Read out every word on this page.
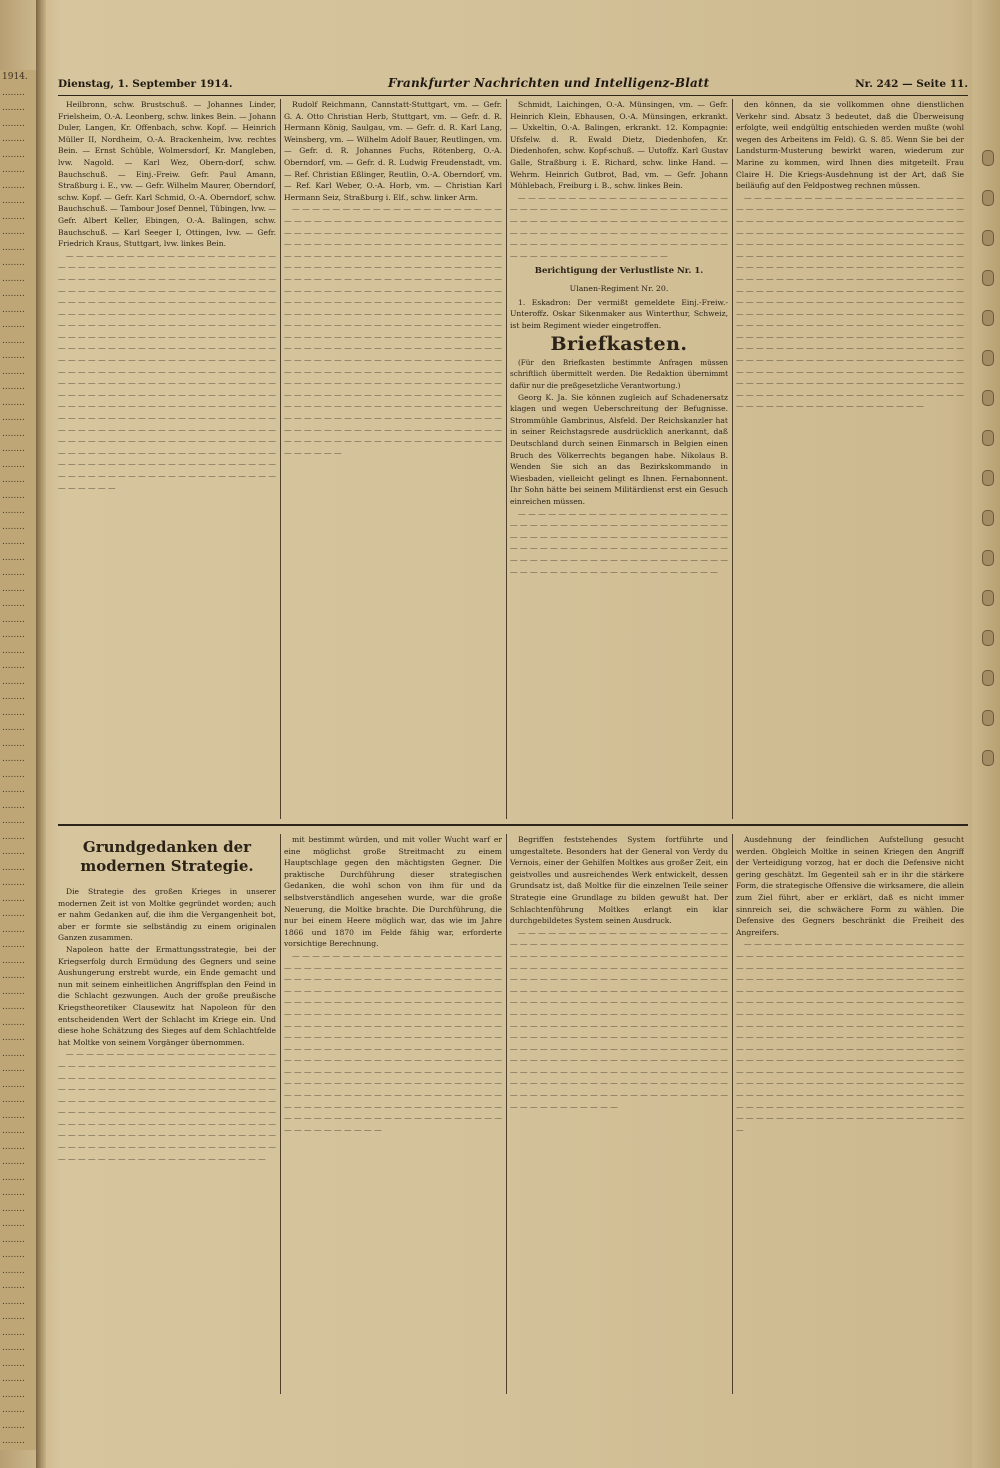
1914.
........
........
........
........
........
........
........
........
........
........
........
........
........
........
........
........
........
........
........
........
........
........
........
........
........
........
........
........
........
........
........
........
........
........
........
........
........
........
........
........
........
........
........
........
........
........
........
........
........
........
........
........
........
........
........
........
........
........
........
........
........
........
........
........
........
........
........
........
........
........
........
........
........
........
........
........
........
........
........
........
........
........
........
........
........
........
........
........
Dienstag, 1. September 1914.	Frankfurter Nachrichten und Intelligenz-Blatt	Nr. 242 — Seite 11.

Heilbronn, schw. Brustschuß. — Johannes Linder, Frielsheim, O.-A. Leonberg, schw. linkes Bein. — Johann Duler, Langen, Kr. Offenbach, schw. Kopf. — Heinrich Müller II, Nordheim, O.-A. Brackenheim, lvw. rechtes Bein. — Ernst Schüble, Wolmersdorf, Kr. Mangleben, lvw. Nagold. — Karl Wez, Obern-dorf, schw. Bauchschuß. — Einj.-Freiw. Gefr. Paul Amann, Straßburg i. E., vw. — Gefr. Wilhelm Maurer, Oberndorf, schw. Kopf. — Gefr. Karl Schmid, O.-A. Oberndorf, schw. Bauchschuß. — Tambour Josef Dennel, Tübingen, lvw. — Gefr. Albert Keller, Ebingen, O.-A. Balingen, schw. Bauchschuß. — Karl Seeger I, Ottingen, lvw. — Gefr. Friedrich Kraus, Stuttgart, lvw. linkes Bein.

— — — — — — — — — — — — — — — — — — — — — — — — — — — — — — — — — — — — — — — — — — — — — — — — — — — — — — — — — — — — — — — — — — — — — — — — — — — — — — — — — — — — — — — — — — — — — — — — — — — — — — — — — — — — — — — — — — — — — — — — — — — — — — — — — — — — — — — — — — — — — — — — — — — — — — — — — — — — — — — — — — — — — — — — — — — — — — — — — — — — — — — — — — — — — — — — — — — — — — — — — — — — — — — — — — — — — — — — — — — — — — — — — — — — — — — — — — — — — — — — — — — — — — — — — — — — — — — — — — — — — — — — — — — — — — — — — — — — — — — — — — — — — — — — — — — — — — — — — — — — — — — — — — — — — — — — — — — — — — — — — — — — — — — — — — — — — — — — — — — — — — — — — — — — — — — — — — — — — — — — — — — — — — — — — — — — — — — — — — — — — — — — — — — — — — — — — — — — — — — — — — — — — — — — — — — — — — — — — — — — — — — — — — — — — — — — — — — — — — — — — — — — —

Rudolf Reichmann, Cannstatt-Stuttgart, vm. — Gefr. G. A. Otto Christian Herb, Stuttgart, vm. — Gefr. d. R. Hermann König, Saulgau, vm. — Gefr. d. R. Karl Lang, Weinsberg, vm. — Wilhelm Adolf Bauer, Reutlingen, vm. — Gefr. d. R. Johannes Fuchs, Rötenberg, O.-A. Oberndorf, vm. — Gefr. d. R. Ludwig Freudenstadt, vm. — Ref. Christian Eßlinger, Reutlin, O.-A. Oberndorf, vm. — Ref. Karl Weber, O.-A. Horb, vm. — Christian Karl Hermann Seiz, Straßburg i. Elf., schw. linker Arm.

— — — — — — — — — — — — — — — — — — — — — — — — — — — — — — — — — — — — — — — — — — — — — — — — — — — — — — — — — — — — — — — — — — — — — — — — — — — — — — — — — — — — — — — — — — — — — — — — — — — — — — — — — — — — — — — — — — — — — — — — — — — — — — — — — — — — — — — — — — — — — — — — — — — — — — — — — — — — — — — — — — — — — — — — — — — — — — — — — — — — — — — — — — — — — — — — — — — — — — — — — — — — — — — — — — — — — — — — — — — — — — — — — — — — — — — — — — — — — — — — — — — — — — — — — — — — — — — — — — — — — — — — — — — — — — — — — — — — — — — — — — — — — — — — — — — — — — — — — — — — — — — — — — — — — — — — — — — — — — — — — — — — — — — — — — — — — — — — — — — — — — — — — — — — — — — — — — — — — — — — — — — — — — — — — — — — — — — — — — — — — — — — — — — — — — — — — — — — — — — — — — — — — — — — — — — — — — — — — — — — — — — — — — — — — — — — — — — — — — — — — — — — — — — — — — — — — — — — — — — — — — — — — — —

Schmidt, Laichingen, O.-A. Münsingen, vm. — Gefr. Heinrich Klein, Ebhausen, O.-A. Münsingen, erkrankt. — Uxkeltin, O.-A. Balingen, erkrankt. 12. Kompagnie: Ufsfelw. d. R. Ewald Dietz, Diedenhofen, Kr. Diedenhofen, schw. Kopf-schuß. — Uutoffz. Karl Gustav Galle, Straßburg i. E. Richard, schw. linke Hand. — Wehrm. Heinrich Gutbrot, Bad, vm. — Gefr. Johann Mühlebach, Freiburg i. B., schw. linkes Bein.

— — — — — — — — — — — — — — — — — — — — — — — — — — — — — — — — — — — — — — — — — — — — — — — — — — — — — — — — — — — — — — — — — — — — — — — — — — — — — — — — — — — — — — — — — — — — — — — — — — — — — — — — — — — — — — — — — — — — — — — — — — — — —

Berichtigung der Verlustliste Nr. 1.
Ulanen-Regiment Nr. 20.

1. Eskadron: Der vermißt gemeldete Einj.-Freiw.-Unteroffz. Oskar Sikenmaker aus Winterthur, Schweiz, ist beim Regiment wieder eingetroffen.

Briefkasten.

(Für den Briefkasten bestimmte Anfragen müssen schriftlich übermittelt werden. Die Redaktion übernimmt dafür nur die preßgesetzliche Verantwortung.)

Georg K. Ja. Sie können zugleich auf Schadenersatz klagen und wegen Ueberschreitung der Befugnisse. Strommühle Gambrinus, Alsfeld. Der Reichskanzler hat in seiner Reichstagsrede ausdrücklich anerkannt, daß Deutschland durch seinen Einmarsch in Belgien einen Bruch des Völkerrechts begangen habe. Nikolaus B. Wenden Sie sich an das Bezirkskommando in Wiesbaden, vielleicht gelingt es Ihnen. Fernabonnent. Ihr Sohn hätte bei seinem Militärdienst erst ein Gesuch einreichen müssen.

— — — — — — — — — — — — — — — — — — — — — — — — — — — — — — — — — — — — — — — — — — — — — — — — — — — — — — — — — — — — — — — — — — — — — — — — — — — — — — — — — — — — — — — — — — — — — — — — — — — — — — — — — — — — — — — — — — — — — — — — — — — — — — — — — —

den können, da sie vollkommen ohne dienstlichen Verkehr sind. Absatz 3 bedeutet, daß die Überweisung erfolgte, weil endgültig entschieden werden mußte (wohl wegen des Arbeitens im Feld). G. S. 85. Wenn Sie bei der Landsturm-Musterung bewirkt waren, wiederum zur Marine zu kommen, wird Ihnen dies mitgeteilt. Frau Claire H. Die Kriegs-Ausdehnung ist der Art, daß Sie beiläufig auf den Feldpostweg rechnen müssen.

— — — — — — — — — — — — — — — — — — — — — — — — — — — — — — — — — — — — — — — — — — — — — — — — — — — — — — — — — — — — — — — — — — — — — — — — — — — — — — — — — — — — — — — — — — — — — — — — — — — — — — — — — — — — — — — — — — — — — — — — — — — — — — — — — — — — — — — — — — — — — — — — — — — — — — — — — — — — — — — — — — — — — — — — — — — — — — — — — — — — — — — — — — — — — — — — — — — — — — — — — — — — — — — — — — — — — — — — — — — — — — — — — — — — — — — — — — — — — — — — — — — — — — — — — — — — — — — — — — — — — — — — — — — — — — — — — — — — — — — — — — — — — — — — — — — — — — — — — — — — — — — — — — — — — — — — — — — — — — — — — — — — — — — — — — — — — — — — — — — — — — — — — — — — — — — — — — — — — — — — — — — — — — — — — — — — — — — — — — — — — — — — — — — — — — — — — — — — — — — — — — — — — — — — — — — — — — — — — — — — — — — — — — — — — — — —

Grundgedanken der
modernen Strategie.

Die Strategie des großen Krieges in unserer modernen Zeit ist von Moltke gegründet worden; auch er nahm Gedanken auf, die ihm die Vergangenheit bot, aber er formte sie selbständig zu einem originalen Ganzen zusammen.

Napoleon hatte der Ermattungsstrategie, bei der Kriegserfolg durch Ermüdung des Gegners und seine Aushungerung erstrebt wurde, ein Ende gemacht und nun mit seinem einheitlichen Angriffsplan den Feind in die Schlacht gezwungen. Auch der große preußische Kriegstheoretiker Clausewitz hat Napoleon für den entscheidenden Wert der Schlacht im Kriege ein. Und diese hohe Schätzung des Sieges auf dem Schlachtfelde hat Moltke von seinem Vorgänger übernommen.

— — — — — — — — — — — — — — — — — — — — — — — — — — — — — — — — — — — — — — — — — — — — — — — — — — — — — — — — — — — — — — — — — — — — — — — — — — — — — — — — — — — — — — — — — — — — — — — — — — — — — — — — — — — — — — — — — — — — — — — — — — — — — — — — — — — — — — — — — — — — — — — — — — — — — — — — — — — — — — — — — — — — — — — — — — — — — — — — — — — — — — — — — — — — — — — — — — — — — — — — — — — — — — — — — — — — — — — — — —

mit bestimmt würden, und mit voller Wucht warf er eine möglichst große Streitmacht zu einem Hauptschlage gegen den mächtigsten Gegner. Die praktische Durchführung dieser strategischen Gedanken, die wohl schon von ihm für und da selbstverständlich angesehen wurde, war die große Neuerung, die Moltke brachte. Die Durchführung, die nur bei einem Heere möglich war, das wie im Jahre 1866 und 1870 im Felde fähig war, erforderte vorsichtige Berechnung.

— — — — — — — — — — — — — — — — — — — — — — — — — — — — — — — — — — — — — — — — — — — — — — — — — — — — — — — — — — — — — — — — — — — — — — — — — — — — — — — — — — — — — — — — — — — — — — — — — — — — — — — — — — — — — — — — — — — — — — — — — — — — — — — — — — — — — — — — — — — — — — — — — — — — — — — — — — — — — — — — — — — — — — — — — — — — — — — — — — — — — — — — — — — — — — — — — — — — — — — — — — — — — — — — — — — — — — — — — — — — — — — — — — — — — — — — — — — — — — — — — — — — — — — — — — — — — — — — — — — — — — — — — — — — — — — — — — — — — — — — — — — — — — — — — — — — — — — — — — — — — — — — — — — — — — — — — — — — — — — — — — — — — — — — — — — — — — — — — — —

Begriffen feststehendes System fortführte und umgestaltete. Besonders hat der General von Verdy du Vernois, einer der Gehilfen Moltkes aus großer Zeit, ein geistvolles und ausreichendes Werk entwickelt, dessen Grundsatz ist, daß Moltke für die einzelnen Teile seiner Strategie eine Grundlage zu bilden gewußt hat. Der Schlachtenführung Moltkes erlangt ein klar durchgebildetes System seinen Ausdruck.

— — — — — — — — — — — — — — — — — — — — — — — — — — — — — — — — — — — — — — — — — — — — — — — — — — — — — — — — — — — — — — — — — — — — — — — — — — — — — — — — — — — — — — — — — — — — — — — — — — — — — — — — — — — — — — — — — — — — — — — — — — — — — — — — — — — — — — — — — — — — — — — — — — — — — — — — — — — — — — — — — — — — — — — — — — — — — — — — — — — — — — — — — — — — — — — — — — — — — — — — — — — — — — — — — — — — — — — — — — — — — — — — — — — — — — — — — — — — — — — — — — — — — — — — — — — — — — — — — — — — — — — — — — — — — — — — — — — — — — — — — — — — — — — — — — — — — — — — — — — — — — — — — — — — — — — — — — — — — — — — — — — — — — — — — — — — — — — — — — — —

Ausdehnung der feindlichen Aufstellung gesucht werden. Obgleich Moltke in seinen Kriegen den Angriff der Verteidigung vorzog, hat er doch die Defensive nicht gering geschätzt. Im Gegenteil sah er in ihr die stärkere Form, die strategische Offensive die wirksamere, die allein zum Ziel führt, aber er erklärt, daß es nicht immer sinnreich sei, die schwächere Form zu wählen. Die Defensive des Gegners beschränkt die Freiheit des Angreifers.

— — — — — — — — — — — — — — — — — — — — — — — — — — — — — — — — — — — — — — — — — — — — — — — — — — — — — — — — — — — — — — — — — — — — — — — — — — — — — — — — — — — — — — — — — — — — — — — — — — — — — — — — — — — — — — — — — — — — — — — — — — — — — — — — — — — — — — — — — — — — — — — — — — — — — — — — — — — — — — — — — — — — — — — — — — — — — — — — — — — — — — — — — — — — — — — — — — — — — — — — — — — — — — — — — — — — — — — — — — — — — — — — — — — — — — — — — — — — — — — — — — — — — — — — — — — — — — — — — — — — — — — — — — — — — — — — — — — — — — — — — — — — — — — — — — — — — — — — — — — — — — — — — — — — — — — — — — — — — — — — — — — — — — — — — — — — — — — — — — — — — — — — — — — — — — — — — — — — — — — — — — — — — — — —
